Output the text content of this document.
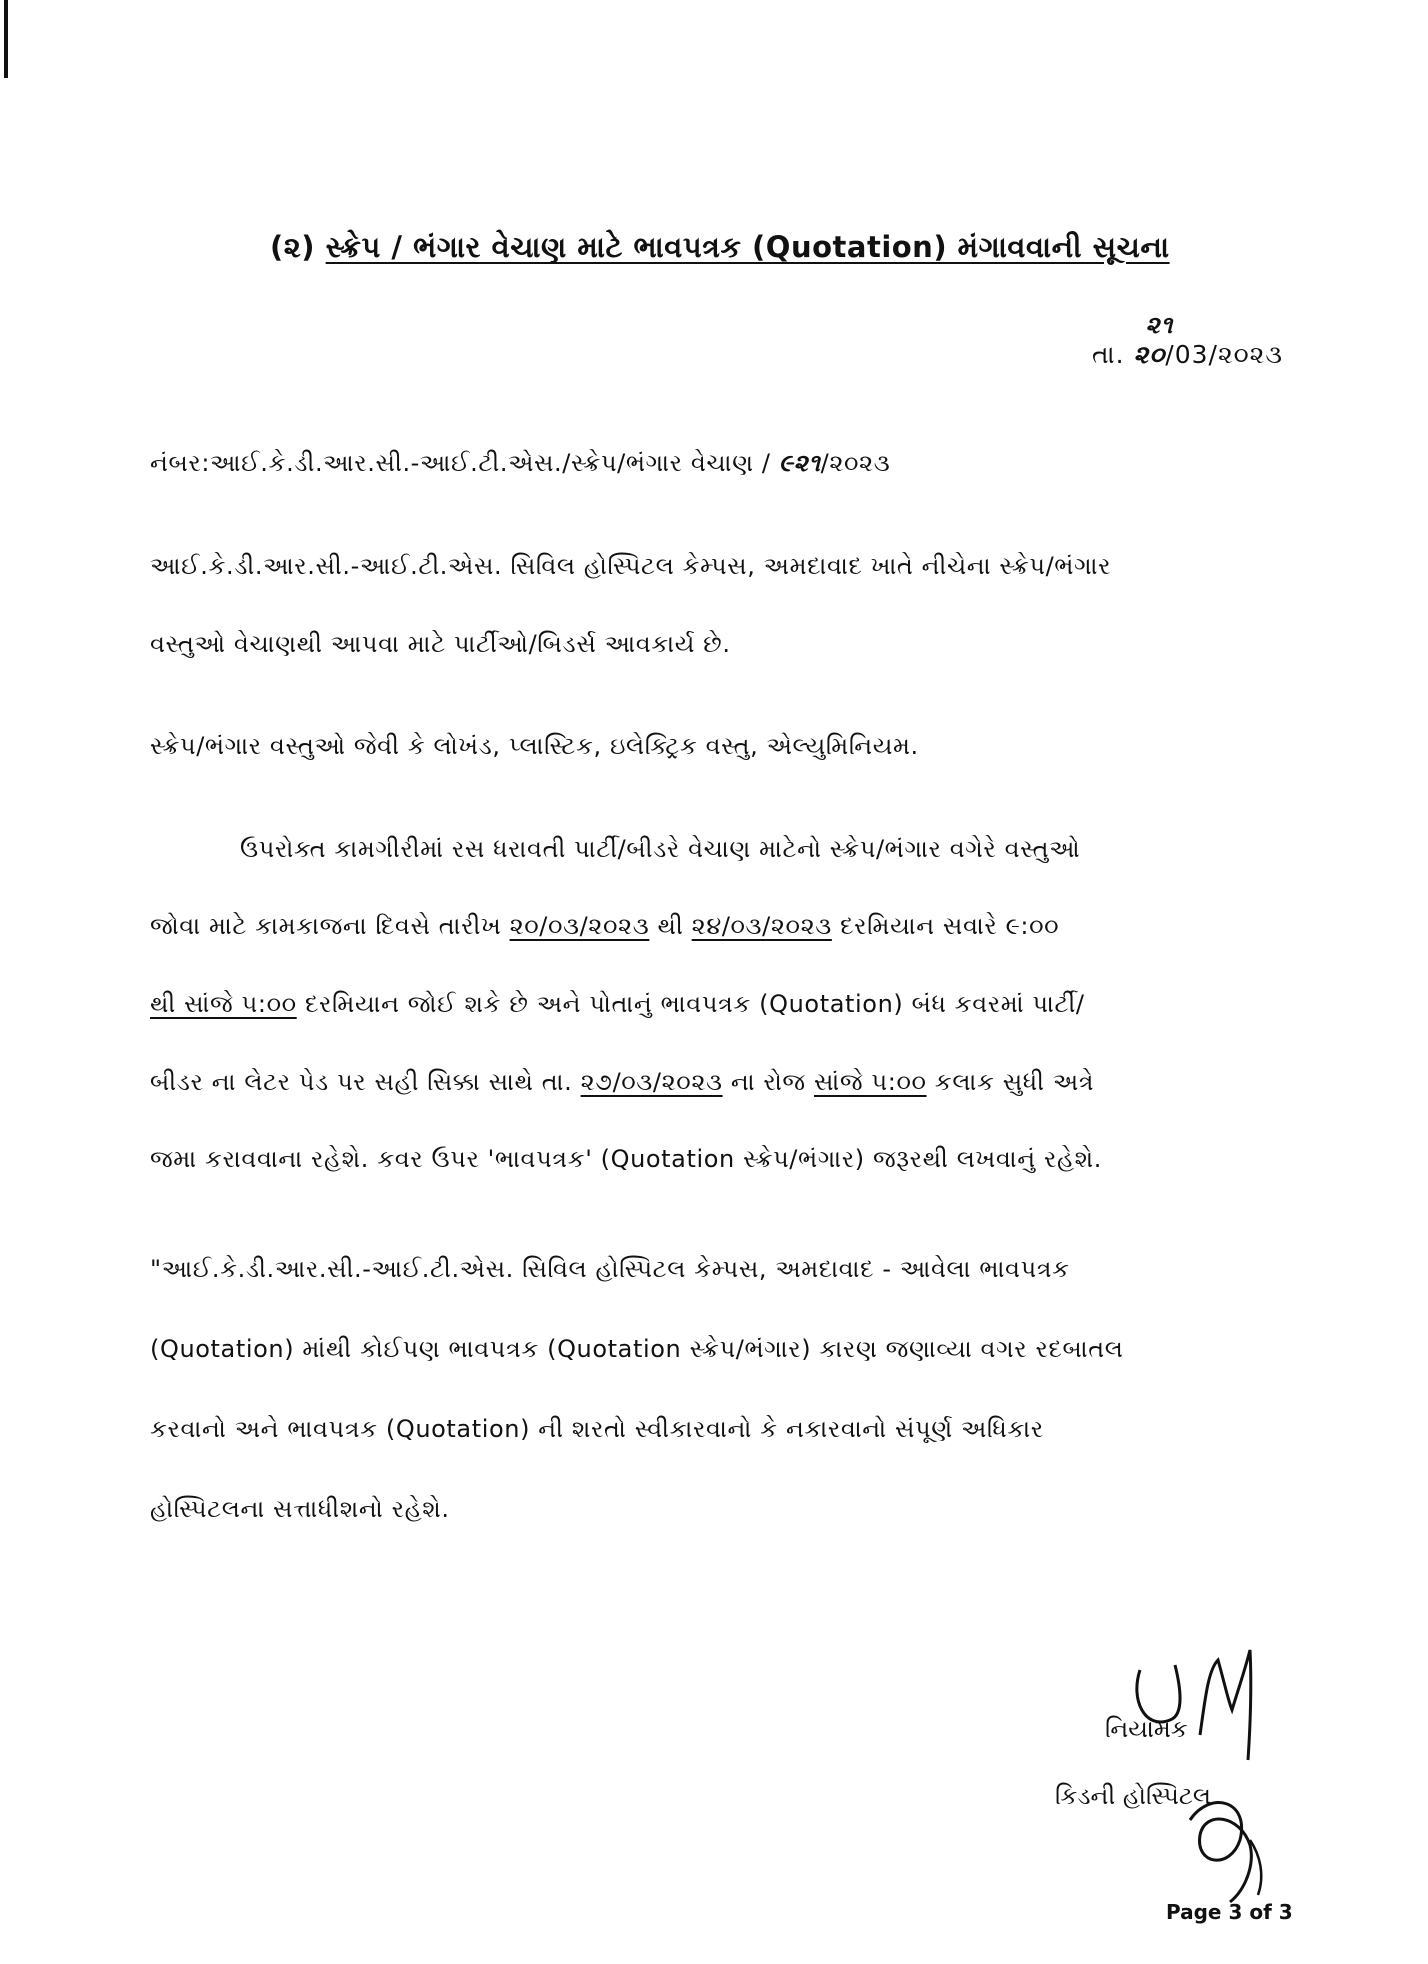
(૨) સ્ક્રેપ / ભંગાર વેચાણ માટે ભાવપત્રક (Quotation) મંગાવવાની સૂચના
તા.
૨૧
૨૦/03/૨૦૨૩
નંબર:આઈ.કે.ડી.આર.સી.-આઈ.ટી.એસ./સ્ક્રેપ/ભંગાર વેચાણ / ૯૨૧/૨૦૨૩
આઈ.કે.ડી.આર.સી.-આઈ.ટી.એસ. સિવિલ હોસ્પિટલ કેમ્પસ, અમદાવાદ ખાતે નીચેના સ્ક્રેપ/ભંગાર
વસ્તુઓ વેચાણથી આપવા માટે પાર્ટીઓ/બિડર્સ આવકાર્ય છે.
સ્ક્રેપ/ભંગાર વસ્તુઓ જેવી કે લોખંડ, પ્લાસ્ટિક, ઇલેક્ટ્રિક વસ્તુ, એલ્યુમિનિયમ.
ઉપરોક્ત કામગીરીમાં રસ ધરાવતી પાર્ટી/બીડરે વેચાણ માટેનો સ્ક્રેપ/ભંગાર વગેરે વસ્તુઓ
જોવા માટે કામકાજના દિવસે તારીખ ૨૦/૦૩/૨૦૨૩ થી ૨૪/૦૩/૨૦૨૩ દરમિયાન સવારે ૯:૦૦
થી સાંજે ૫:૦૦ દરમિયાન જોઈ શકે છે અને પોતાનું ભાવપત્રક (Quotation) બંધ કવરમાં પાર્ટી/
બીડર ના લેટર પેડ પર સહી સિક્કા સાથે તા. ૨૭/૦૩/૨૦૨૩ ના રોજ સાંજે ૫:૦૦ કલાક સુધી અત્રે
જમા કરાવવાના રહેશે. કવર ઉપર 'ભાવપત્રક' (Quotation સ્ક્રેપ/ભંગાર) જરૂરથી લખવાનું રહેશે.
"આઈ.કે.ડી.આર.સી.-આઈ.ટી.એસ. સિવિલ હોસ્પિટલ કેમ્પસ, અમદાવાદ - આવેલા ભાવપત્રક
(Quotation) માંથી કોઈપણ ભાવપત્રક (Quotation સ્ક્રેપ/ભંગાર) કારણ જણાવ્યા વગર રદબાતલ
કરવાનો અને ભાવપત્રક (Quotation) ની શરતો સ્વીકારવાનો કે નકારવાનો સંપૂર્ણ અધિકાર
હોસ્પિટલના સત્તાધીશનો રહેશે.
નિયામક
કિડની હોસ્પિટલ
Page 3 of 3
